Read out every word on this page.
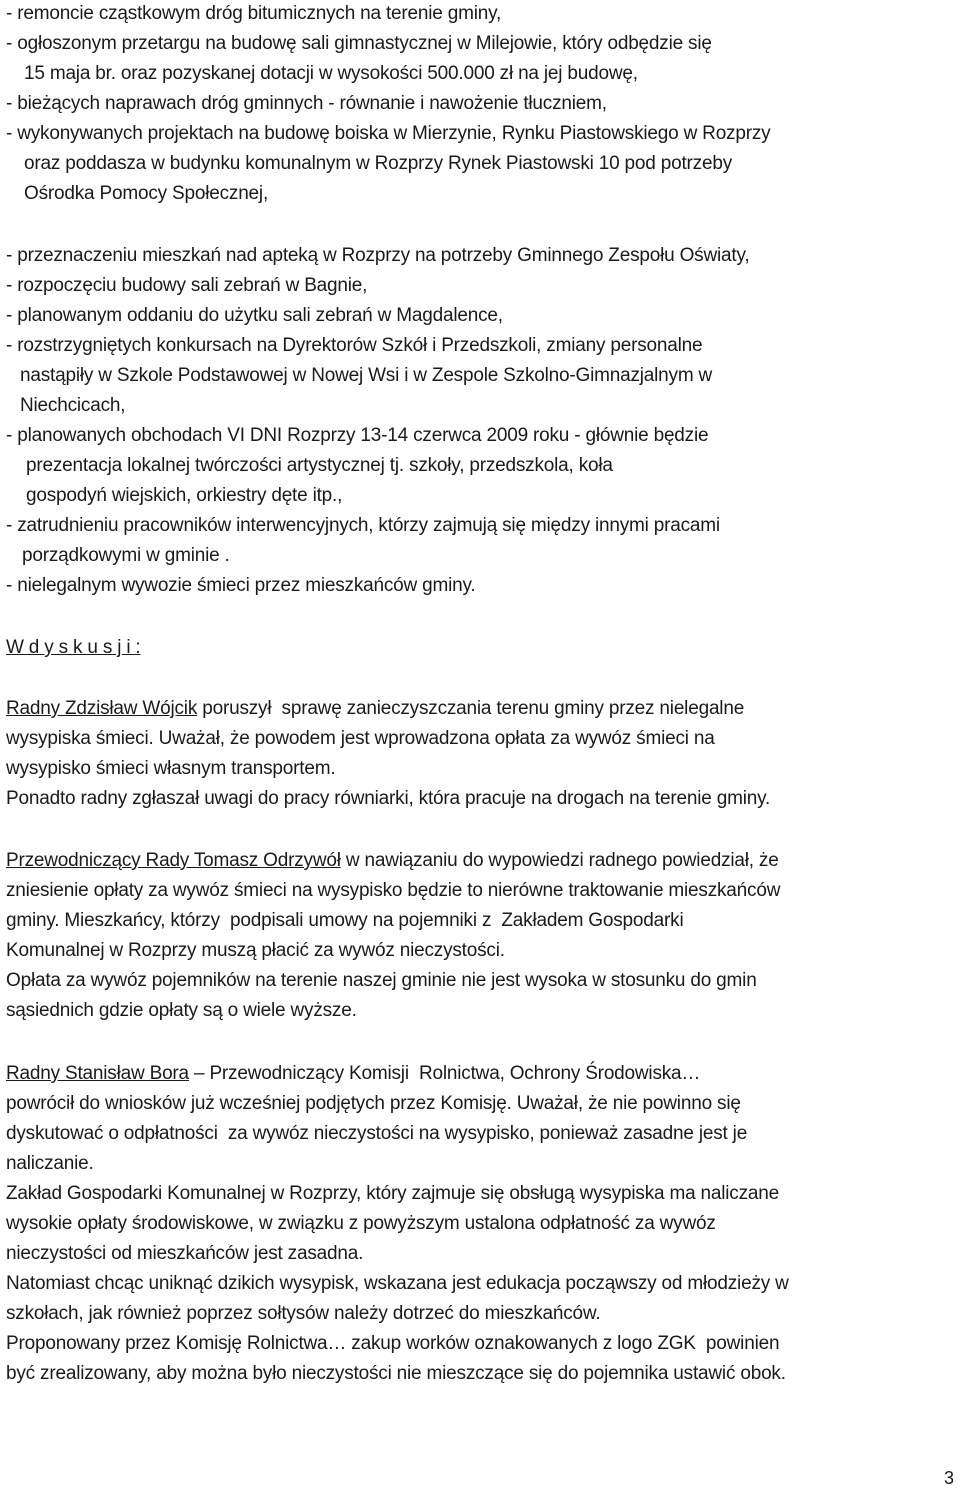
- remoncie cząstkowym dróg bitumicznych na terenie gminy,
- ogłoszonym przetargu na budowę sali gimnastycznej w Milejowie, który odbędzie się
15 maja br. oraz pozyskanej dotacji w wysokości 500.000 zł na jej budowę,
- bieżących naprawach dróg gminnych - równanie i nawożenie tłuczniem,
- wykonywanych projektach na budowę boiska w Mierzynie, Rynku Piastowskiego w Rozprzy
oraz poddasza w budynku komunalnym w Rozprzy Rynek Piastowski 10 pod potrzeby
Ośrodka Pomocy Społecznej,
- przeznaczeniu mieszkań nad apteką w Rozprzy na potrzeby Gminnego Zespołu Oświaty,
- rozpoczęciu budowy sali zebrań w Bagnie,
- planowanym oddaniu do użytku sali zebrań w Magdalence,
- rozstrzygniętych konkursach na Dyrektorów Szkół i Przedszkoli, zmiany personalne
nastąpiły w Szkole Podstawowej w Nowej Wsi i w Zespole Szkolno-Gimnazjalnym w
Niechcicach,
- planowanych obchodach VI DNI Rozprzy 13-14 czerwca 2009 roku - głównie będzie
prezentacja lokalnej twórczości artystycznej tj. szkoły, przedszkola, koła
gospodyń wiejskich, orkiestry dęte itp.,
- zatrudnieniu pracowników interwencyjnych, którzy zajmują się między innymi pracami
porządkowymi w gminie .
- nielegalnym wywozie śmieci przez mieszkańców gminy.
W d y s k u s j i :
Radny Zdzisław Wójcik poruszył  sprawę zanieczyszczania terenu gminy przez nielegalne
wysypiska śmieci. Uważał, że powodem jest wprowadzona opłata za wywóz śmieci na
wysypisko śmieci własnym transportem.
Ponadto radny zgłaszał uwagi do pracy równiarki, która pracuje na drogach na terenie gminy.
Przewodniczący Rady Tomasz Odrzywół w nawiązaniu do wypowiedzi radnego powiedział, że
zniesienie opłaty za wywóz śmieci na wysypisko będzie to nierówne traktowanie mieszkańców
gminy. Mieszkańcy, którzy  podpisali umowy na pojemniki z  Zakładem Gospodarki
Komunalnej w Rozprzy muszą płacić za wywóz nieczystości.
Opłata za wywóz pojemników na terenie naszej gminie nie jest wysoka w stosunku do gmin
sąsiednich gdzie opłaty są o wiele wyższe.
Radny Stanisław Bora – Przewodniczący Komisji  Rolnictwa, Ochrony Środowiska…
powrócił do wniosków już wcześniej podjętych przez Komisję. Uważał, że nie powinno się
dyskutować o odpłatności  za wywóz nieczystości na wysypisko, ponieważ zasadne jest je
naliczanie.
Zakład Gospodarki Komunalnej w Rozprzy, który zajmuje się obsługą wysypiska ma naliczane
wysokie opłaty środowiskowe, w związku z powyższym ustalona odpłatność za wywóz
nieczystości od mieszkańców jest zasadna.
Natomiast chcąc uniknąć dzikich wysypisk, wskazana jest edukacja począwszy od młodzieży w
szkołach, jak również poprzez sołtysów należy dotrzeć do mieszkańców.
Proponowany przez Komisję Rolnictwa… zakup worków oznakowanych z logo ZGK  powinien
być zrealizowany, aby można było nieczystości nie mieszczące się do pojemnika ustawić obok.
3
